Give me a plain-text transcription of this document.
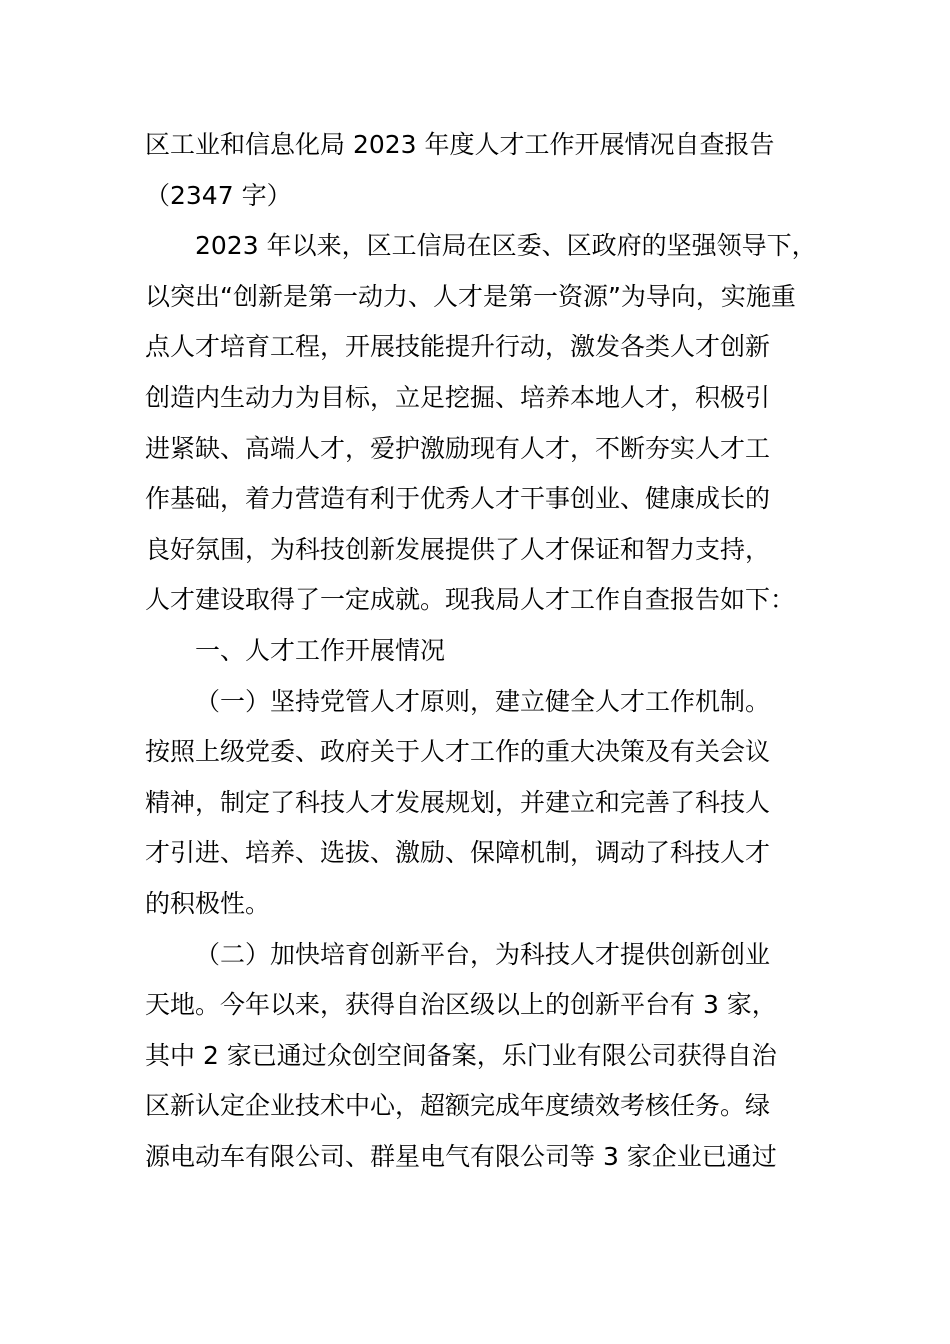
区工业和信息化局 2023 年度人才工作开展情况自查报告
（2347 字）
2023 年以来，区工信局在区委、区政府的坚强领导下，
以突出“创新是第一动力、人才是第一资源”为导向，实施重
点人才培育工程，开展技能提升行动，激发各类人才创新
创造内生动力为目标，立足挖掘、培养本地人才，积极引
进紧缺、高端人才，爱护激励现有人才，不断夯实人才工
作基础，着力营造有利于优秀人才干事创业、健康成长的
良好氛围，为科技创新发展提供了人才保证和智力支持，
人才建设取得了一定成就。现我局人才工作自查报告如下：
一、人才工作开展情况
（一）坚持党管人才原则，建立健全人才工作机制。
按照上级党委、政府关于人才工作的重大决策及有关会议
精神，制定了科技人才发展规划，并建立和完善了科技人
才引进、培养、选拔、激励、保障机制，调动了科技人才
的积极性。
（二）加快培育创新平台，为科技人才提供创新创业
天地。今年以来，获得自治区级以上的创新平台有 3 家，
其中 2 家已通过众创空间备案，乐门业有限公司获得自治
区新认定企业技术中心，超额完成年度绩效考核任务。绿
源电动车有限公司、群星电气有限公司等 3 家企业已通过
